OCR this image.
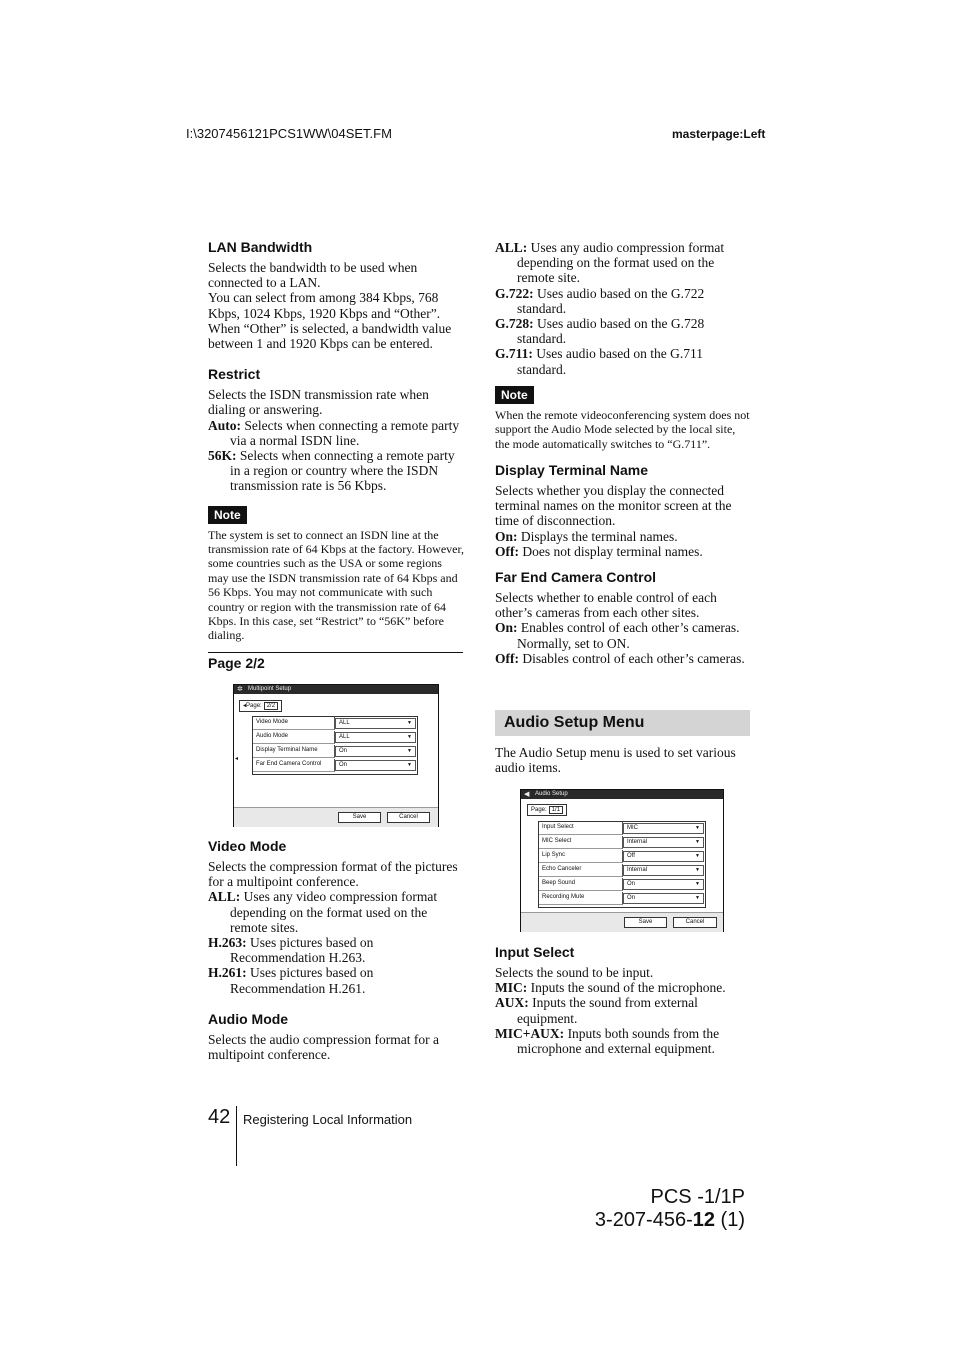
I:\3207456121PCS1WW\04SET.FM	masterpage:Left
LAN Bandwidth

Selects the bandwidth to be used when connected to a LAN.

You can select from among 384 Kbps, 768 Kbps, 1024 Kbps, 1920 Kbps and “Other”. When “Other” is selected, a bandwidth value between 1 and 1920 Kbps can be entered.

Restrict

Selects the ISDN transmission rate when dialing or answering.

Auto: Selects when connecting a remote party via a normal ISDN line.

56K: Selects when connecting a remote party in a region or country where the ISDN transmission rate is 56 Kbps.

Note

The system is set to connect an ISDN line at the transmission rate of 64 Kbps at the factory. However, some countries such as the USA or some regions may use the ISDN transmission rate of 64 Kbps and 56 Kbps. You may not communicate with such country or region with the transmission rate of 64 Kbps. In this case, set “Restrict” to “56K” before dialing.

Page 2/2
✲ Multipoint Setup
◂Page: 2/2
◂
Video Mode	ALL	▼
Audio Mode	ALL	▼
Display Terminal Name	On	▼
Far End Camera Control	On	▼
Save	Cancel
Video Mode

Selects the compression format of the pictures for a multipoint conference.

ALL: Uses any video compression format depending on the format used on the remote sites.

H.263: Uses pictures based on Recommendation H.263.

H.261: Uses pictures based on Recommendation H.261.

Audio Mode

Selects the audio compression format for a multipoint conference.

ALL: Uses any audio compression format depending on the format used on the remote site.

G.722: Uses audio based on the G.722 standard.

G.728: Uses audio based on the G.728 standard.

G.711: Uses audio based on the G.711 standard.

Note

When the remote videoconferencing system does not support the Audio Mode selected by the local site, the mode automatically switches to “G.711”.

Display Terminal Name

Selects whether you display the connected terminal names on the monitor screen at the time of disconnection.

On: Displays the terminal names.

Off: Does not display terminal names.

Far End Camera Control

Selects whether to enable control of each other’s cameras from each other sites.

On: Enables control of each other’s cameras. Normally, set to ON.

Off: Disables control of each other’s cameras.

Audio Setup Menu
The Audio Setup menu is used to set various audio items.
◀ Audio Setup
Page: 1/1
Input Select	MIC	▼
MIC Select	Internal	▼
Lip Sync	Off	▼
Echo Canceler	Internal	▼
Beep Sound	On	▼
Recording Mute	On	▼
Save	Cancel
Input Select

Selects the sound to be input.

MIC: Inputs the sound of the microphone.

AUX: Inputs the sound from external equipment.

MIC+AUX: Inputs both sounds from the microphone and external equipment.

42 Registering Local Information
PCS -1/1P
3-207-456-12 (1)
